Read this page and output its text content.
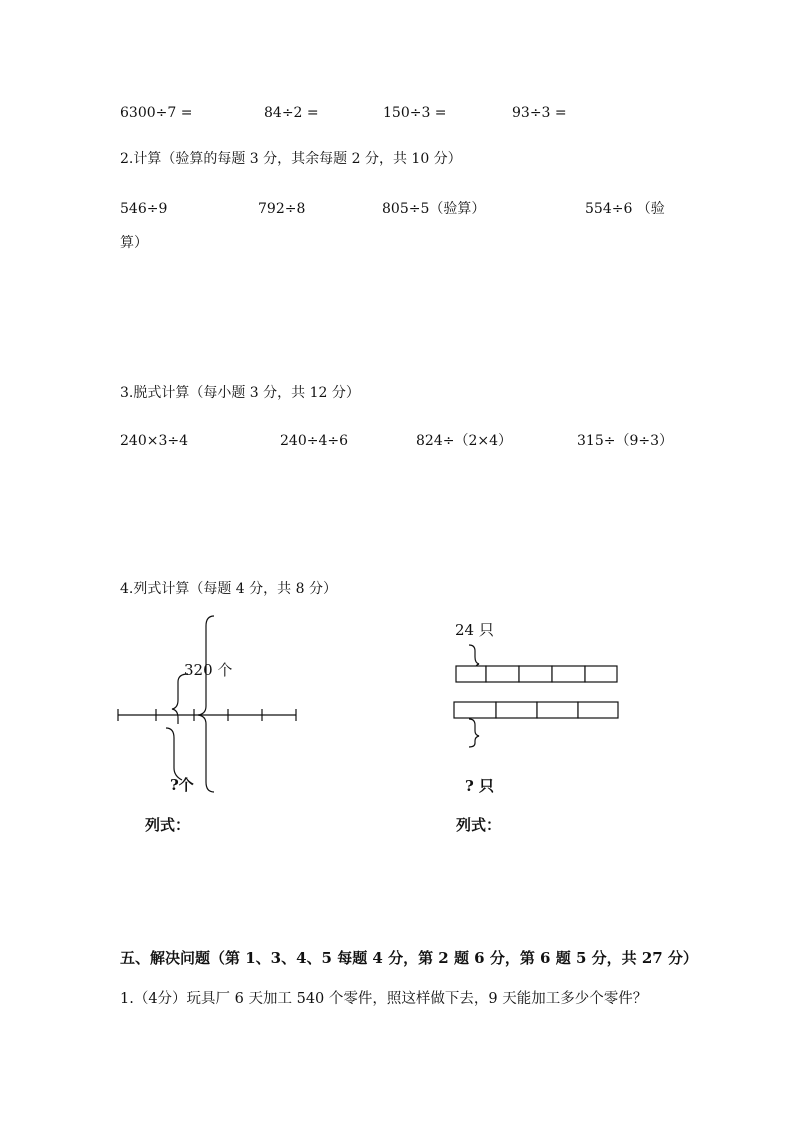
6300÷7 =	84÷2 =	150÷3 =	93÷3 =
2.计算（验算的每题 3 分，其余每题 2 分，共 10 分）
546÷9	792÷8	805÷5（验算）	554÷6 （验
算）
3.脱式计算（每小题 3 分，共 12 分）
240×3÷4	240÷4÷6	824÷（2×4）	315÷（9÷3）
4.列式计算（每题 4 分，共 8 分）
320 个
?个
24 只
? 只
列式：	列式：
五、解决问题（第 1、3、4、5 每题 4 分，第 2 题 6 分，第 6 题 5 分，共 27 分）
1.（4分）玩具厂 6 天加工 540 个零件，照这样做下去，9 天能加工多少个零件？
